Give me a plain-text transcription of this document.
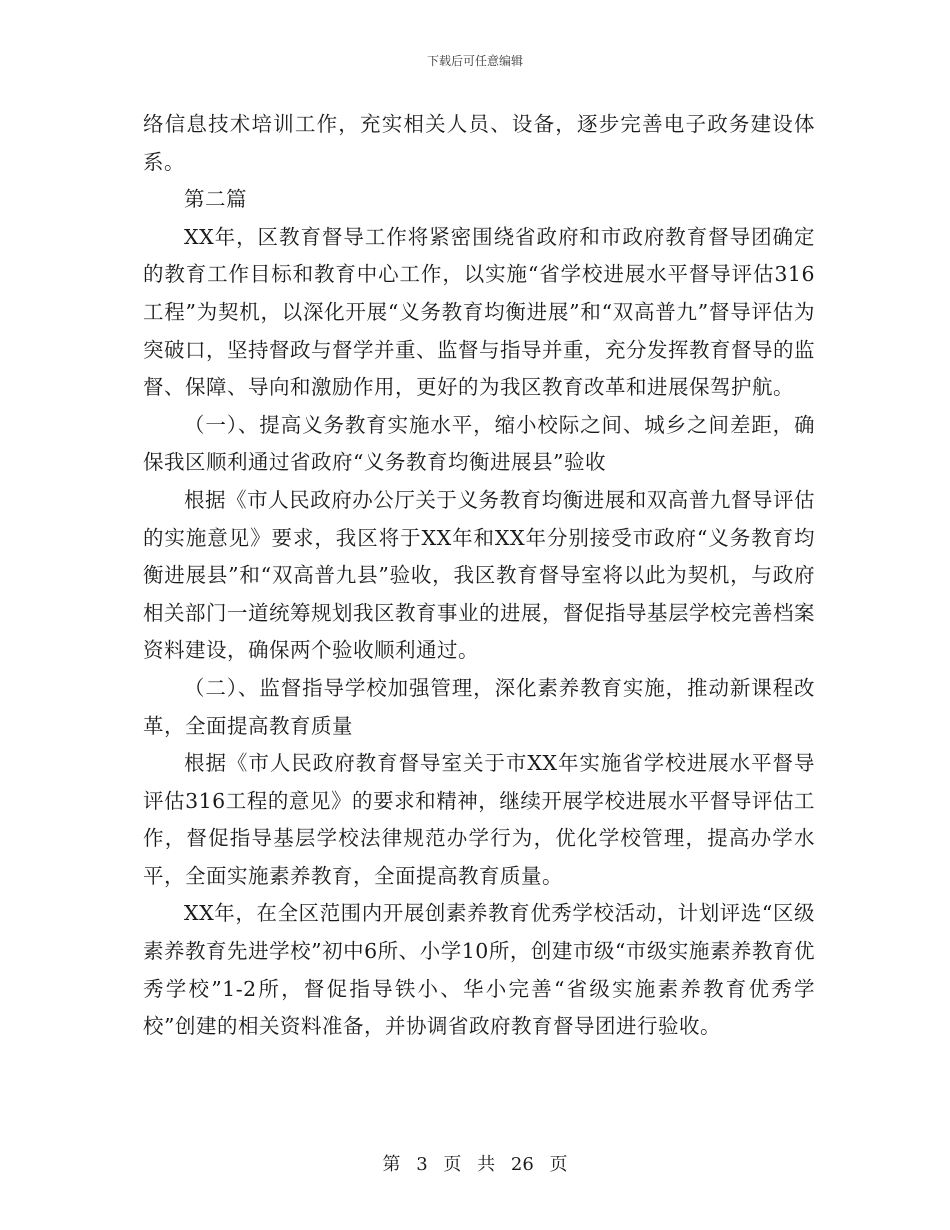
下载后可任意编辑

络信息技术培训工作，充实相关人员、设备，逐步完善电子政务建设体系。

第二篇

XX年，区教育督导工作将紧密围绕省政府和市政府教育督导团确定的教育工作目标和教育中心工作，以实施“省学校进展水平督导评估316工程”为契机，以深化开展“义务教育均衡进展”和“双高普九”督导评估为突破口，坚持督政与督学并重、监督与指导并重，充分发挥教育督导的监督、保障、导向和激励作用，更好的为我区教育改革和进展保驾护航。

（一）、提高义务教育实施水平，缩小校际之间、城乡之间差距，确保我区顺利通过省政府“义务教育均衡进展县”验收

根据《市人民政府办公厅关于义务教育均衡进展和双高普九督导评估的实施意见》要求，我区将于XX年和XX年分别接受市政府“义务教育均衡进展县”和“双高普九县”验收，我区教育督导室将以此为契机，与政府相关部门一道统筹规划我区教育事业的进展，督促指导基层学校完善档案资料建设，确保两个验收顺利通过。

（二）、监督指导学校加强管理，深化素养教育实施，推动新课程改革，全面提高教育质量

根据《市人民政府教育督导室关于市XX年实施省学校进展水平督导评估316工程的意见》的要求和精神，继续开展学校进展水平督导评估工作，督促指导基层学校法律规范办学行为，优化学校管理，提高办学水平，全面实施素养教育，全面提高教育质量。

XX年，在全区范围内开展创素养教育优秀学校活动，计划评选“区级素养教育先进学校”初中6所、小学10所，创建市级“市级实施素养教育优秀学校”1-2所，督促指导铁小、华小完善“省级实施素养教育优秀学校”创建的相关资料准备，并协调省政府教育督导团进行验收。

第 3 页 共 26 页
